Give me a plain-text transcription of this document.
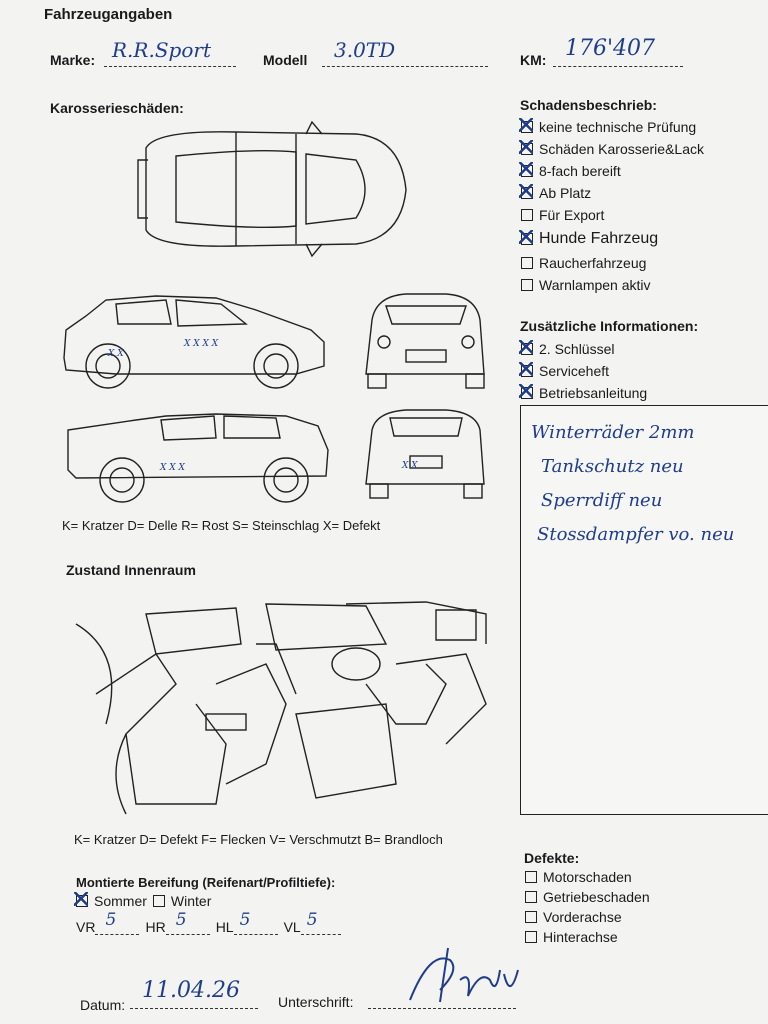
Fahrzeugangaben
Marke: R.R.Sport	Modell 3.0TD	KM: 176'407
Karosserieschäden:
X X
X X X X
X X X	X X
K= Kratzer D= Delle R= Rost S= Steinschlag X= Defekt
Schadensbeschrieb:
keine technische Prüfung
Schäden Karosserie&Lack
8-fach bereift
Ab Platz
Für Export
Hunde Fahrzeug
Raucherfahrzeug
Warnlampen aktiv
Zusätzliche Informationen:
2. Schlüssel
Serviceheft
Betriebsanleitung
Winterräder 2mm
Tankschutz neu
Sperrdiff neu
Stossdampfer vo. neu
Zustand Innenraum
K= Kratzer D= Defekt F= Flecken V= Verschmutzt B= Brandloch
Montierte Bereifung (Reifenart/Profiltiefe):
Sommer Winter
VR 5 HR 5 HL 5 VL 5
Defekte:
Motorschaden
Getriebeschaden
Vorderachse
Hinterachse
Datum:
11.04.26	Unterschrift:
